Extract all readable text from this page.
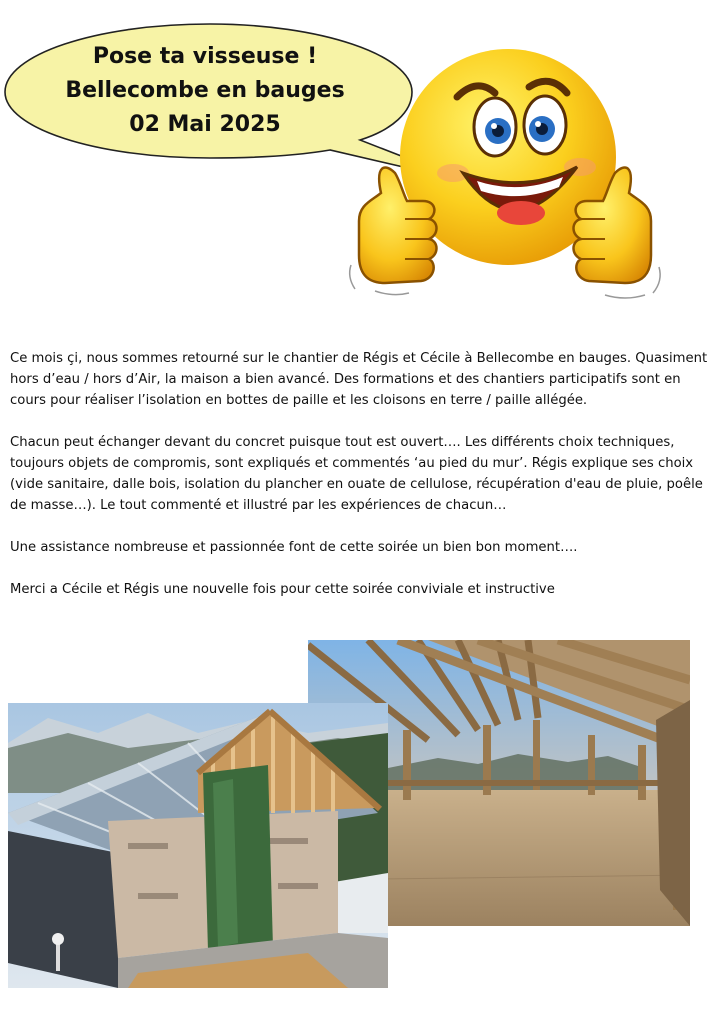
Pose ta visseuse !
Bellecombe en bauges
02 Mai 2025

Ce mois çi, nous sommes retourné sur le chantier de Régis et Cécile à Bellecombe en bauges. Quasiment hors d’eau / hors d’Air, la maison a bien avancé. Des formations et des chantiers participatifs sont en cours pour réaliser l’isolation en bottes de paille et les cloisons en terre / paille allégée.

Chacun peut échanger devant du concret puisque tout est ouvert…. Les différents choix techniques, toujours objets de compromis, sont expliqués et commentés ‘au pied du mur’. Régis explique ses choix (vide sanitaire, dalle bois, isolation du plancher en ouate de cellulose, récupération d'eau de pluie, poêle de masse…). Le tout commenté et illustré par les expériences de chacun…

Une assistance nombreuse et passionnée font de cette soirée un bien bon moment….

Merci a Cécile et Régis une nouvelle fois pour cette soirée conviviale et instructive
